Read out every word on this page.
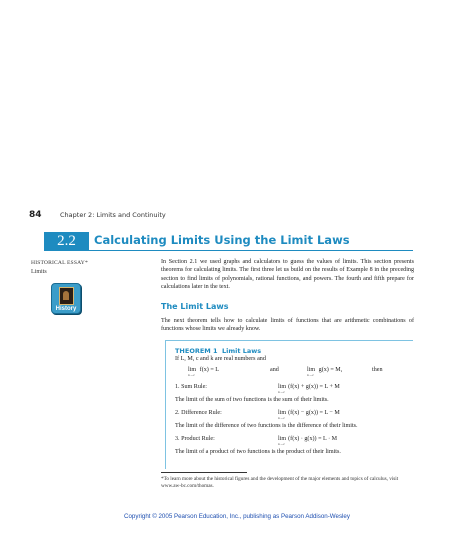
84	Chapter 2: Limits and Continuity
2.2	Calculating Limits Using the Limit Laws
HISTORICAL ESSAY*
Limits
History

In Section 2.1 we used graphs and calculators to guess the values of limits. This section presents theorems for calculating limits. The first three let us build on the results of Example 8 in the preceding section to find limits of polynomials, rational functions, and powers. The fourth and fifth prepare for calculations later in the text.

The Limit Laws

The next theorem tells how to calculate limits of functions that are arithmetic combinations of functions whose limits we already know.

THEOREM 1 Limit Laws
If L, M, c and k are real numbers and
lim
x→c
f(x) = L	and	lim
x→c
g(x) = M,	then
1. Sum Rule:	lim
x→c
(f(x) + g(x)) = L + M
The limit of the sum of two functions is the sum of their limits.
2. Difference Rule:	lim
x→c
(f(x) − g(x)) = L − M
The limit of the difference of two functions is the difference of their limits.
3. Product Rule:	lim
x→c
(f(x) · g(x)) = L · M
The limit of a product of two functions is the product of their limits.
*To learn more about the historical figures and the development of the major elements and topics of calculus, visit www.aw-bc.com/thomas.
Copyright © 2005 Pearson Education, Inc., publishing as Pearson Addison-Wesley
